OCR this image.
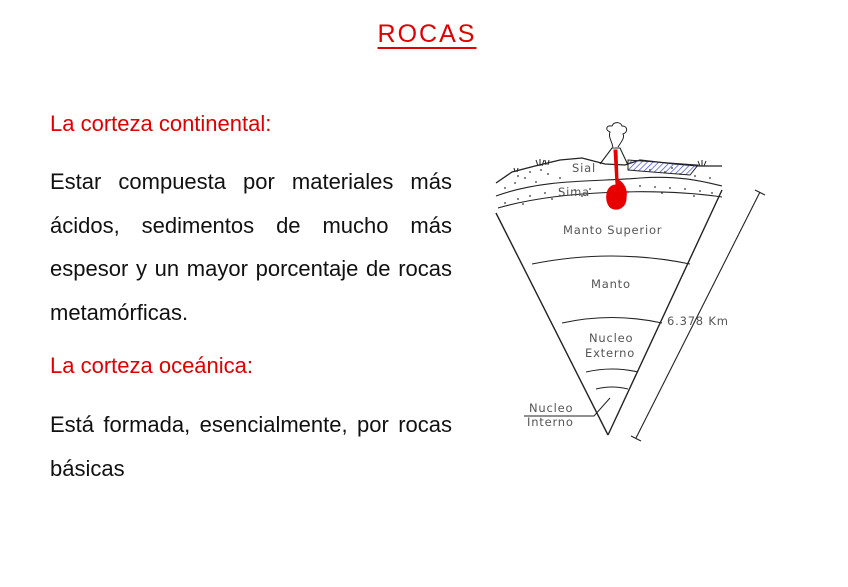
ROCAS
La corteza continental:
Estar compuesta por materiales más ácidos, sedimentos de mucho más espesor y un mayor porcentaje de rocas metamórficas.
La corteza oceánica:
Está formada, esencialmente, por rocas básicas
Sial
Sima
Manto Superior
Manto
Nucleo
Externo
Nucleo
Interno
6.378 Km
